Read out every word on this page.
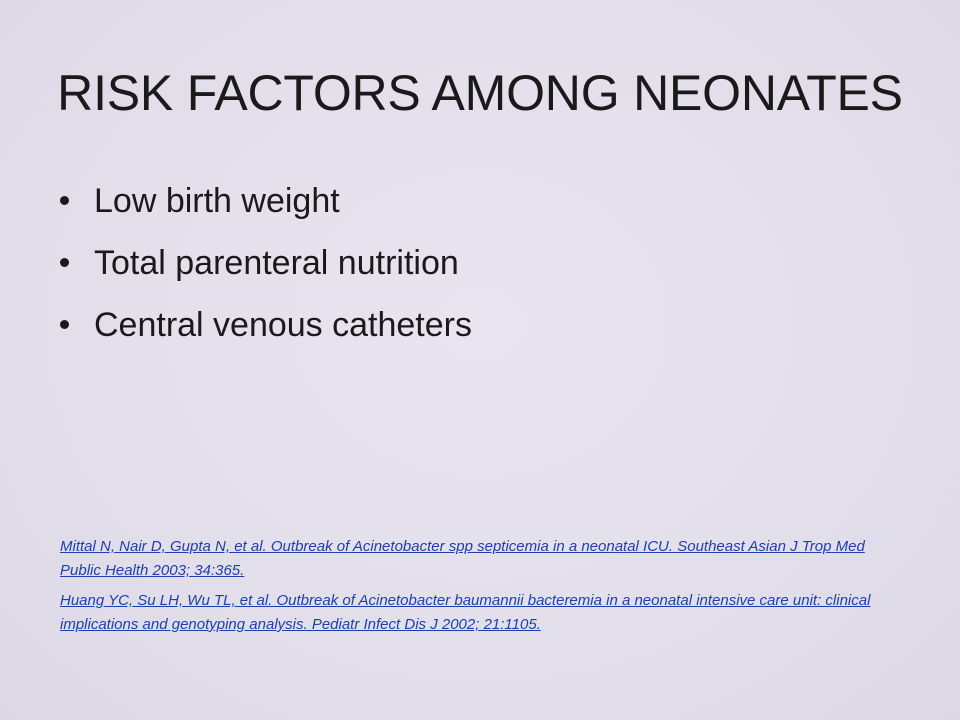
RISK FACTORS AMONG NEONATES
Low birth weight
Total parenteral nutrition
Central venous catheters
Mittal N, Nair D, Gupta N, et al. Outbreak of Acinetobacter spp septicemia in a neonatal ICU. Southeast Asian J Trop Med Public Health 2003; 34:365.
Huang YC, Su LH, Wu TL, et al. Outbreak of Acinetobacter baumannii bacteremia in a neonatal intensive care unit: clinical implications and genotyping analysis. Pediatr Infect Dis J 2002; 21:1105.
